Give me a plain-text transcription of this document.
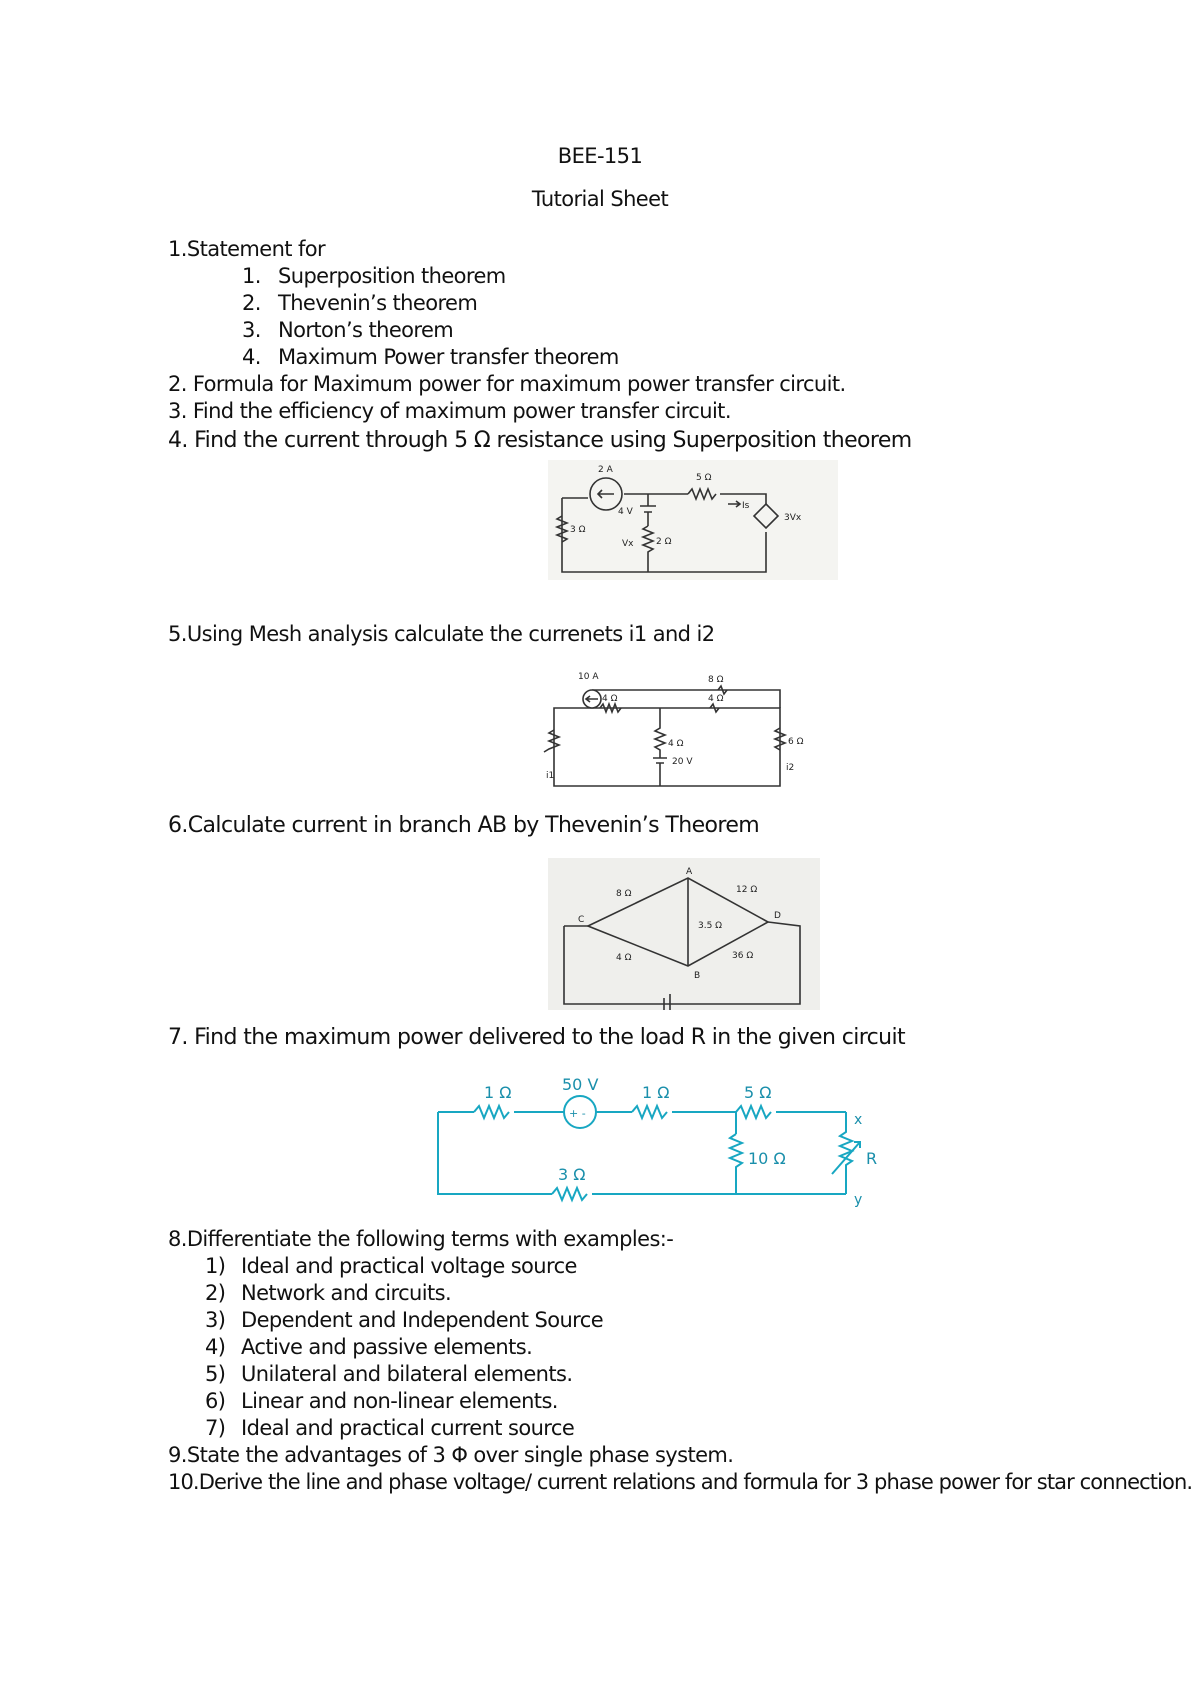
BEE-151
Tutorial Sheet
1.Statement for
1. Superposition theorem
2. Thevenin’s theorem
3. Norton’s theorem
4. Maximum Power transfer theorem
2. Formula for Maximum power for maximum power transfer circuit.
3. Find the efficiency of maximum power transfer circuit.
4. Find the current through 5 Ω resistance using Superposition theorem
2 A
5 Ω
4 V
Is
3 Ω
Vx	2 Ω
3Vx
5.Using Mesh analysis calculate the currenets i1 and i2
10 A	8 Ω
4 Ω	4 Ω
4 Ω
20 V
6 Ω
i1
i2
6.Calculate current in branch AB by Thevenin’s Theorem
A
B
C	D
8 Ω	12 Ω
3.5 Ω
4 Ω	36 Ω
7. Find the maximum power delivered to the load R in the given circuit
1 Ω	50 V
+ -
1 Ω	5 Ω
10 Ω
3 Ω
x
y
R
8.Differentiate the following terms with examples:-
1) Ideal and practical voltage source
2) Network and circuits.
3) Dependent and Independent Source
4) Active and passive elements.
5) Unilateral and bilateral elements.
6) Linear and non-linear elements.
7) Ideal and practical current source
9.State the advantages of 3 Φ over single phase system.
10.Derive the line and phase voltage/ current relations and formula for 3 phase power for star connection.
